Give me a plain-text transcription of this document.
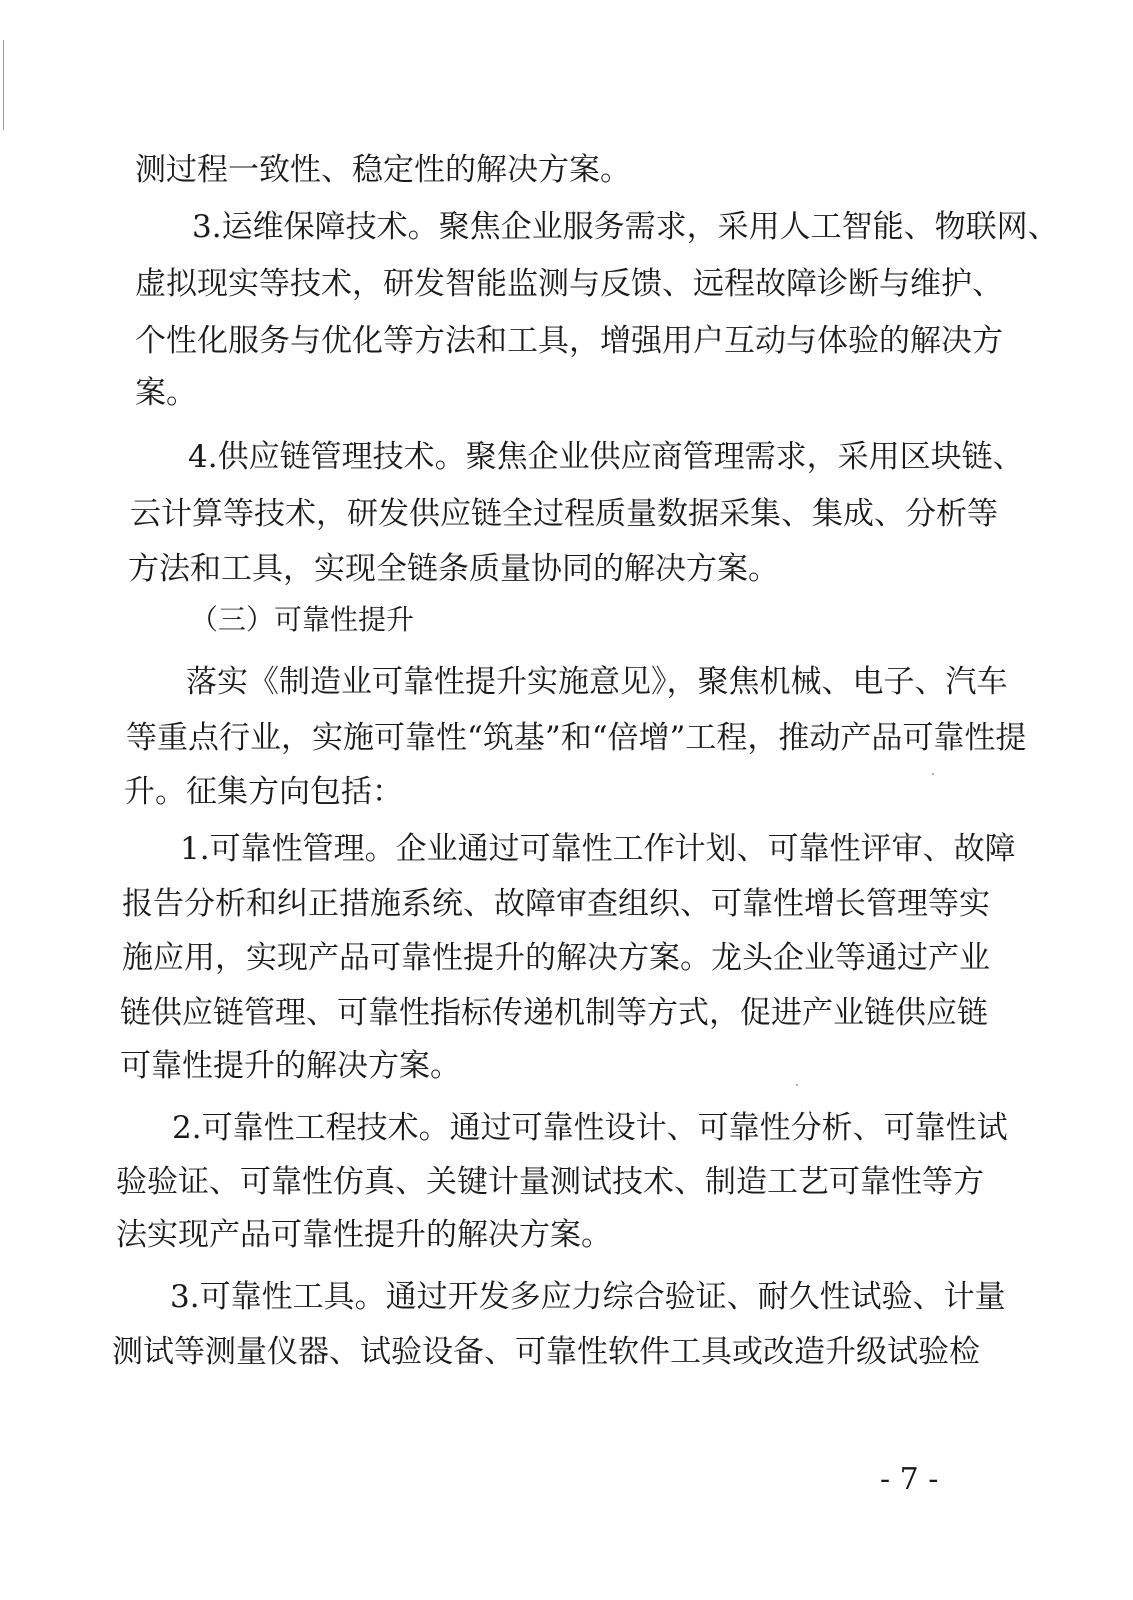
测过程一致性、稳定性的解决方案。
3.运维保障技术。聚焦企业服务需求，采用人工智能、物联网、
虚拟现实等技术，研发智能监测与反馈、远程故障诊断与维护、
个性化服务与优化等方法和工具，增强用户互动与体验的解决方
案。
4.供应链管理技术。聚焦企业供应商管理需求，采用区块链、
云计算等技术，研发供应链全过程质量数据采集、集成、分析等
方法和工具，实现全链条质量协同的解决方案。
（三）可靠性提升
落实《制造业可靠性提升实施意见》，聚焦机械、电子、汽车
等重点行业，实施可靠性“筑基”和“倍增”工程，推动产品可靠性提
升。征集方向包括：
1.可靠性管理。企业通过可靠性工作计划、可靠性评审、故障
报告分析和纠正措施系统、故障审查组织、可靠性增长管理等实
施应用，实现产品可靠性提升的解决方案。龙头企业等通过产业
链供应链管理、可靠性指标传递机制等方式，促进产业链供应链
可靠性提升的解决方案。
2.可靠性工程技术。通过可靠性设计、可靠性分析、可靠性试
验验证、可靠性仿真、关键计量测试技术、制造工艺可靠性等方
法实现产品可靠性提升的解决方案。
3.可靠性工具。通过开发多应力综合验证、耐久性试验、计量
测试等测量仪器、试验设备、可靠性软件工具或改造升级试验检
- 7 -
